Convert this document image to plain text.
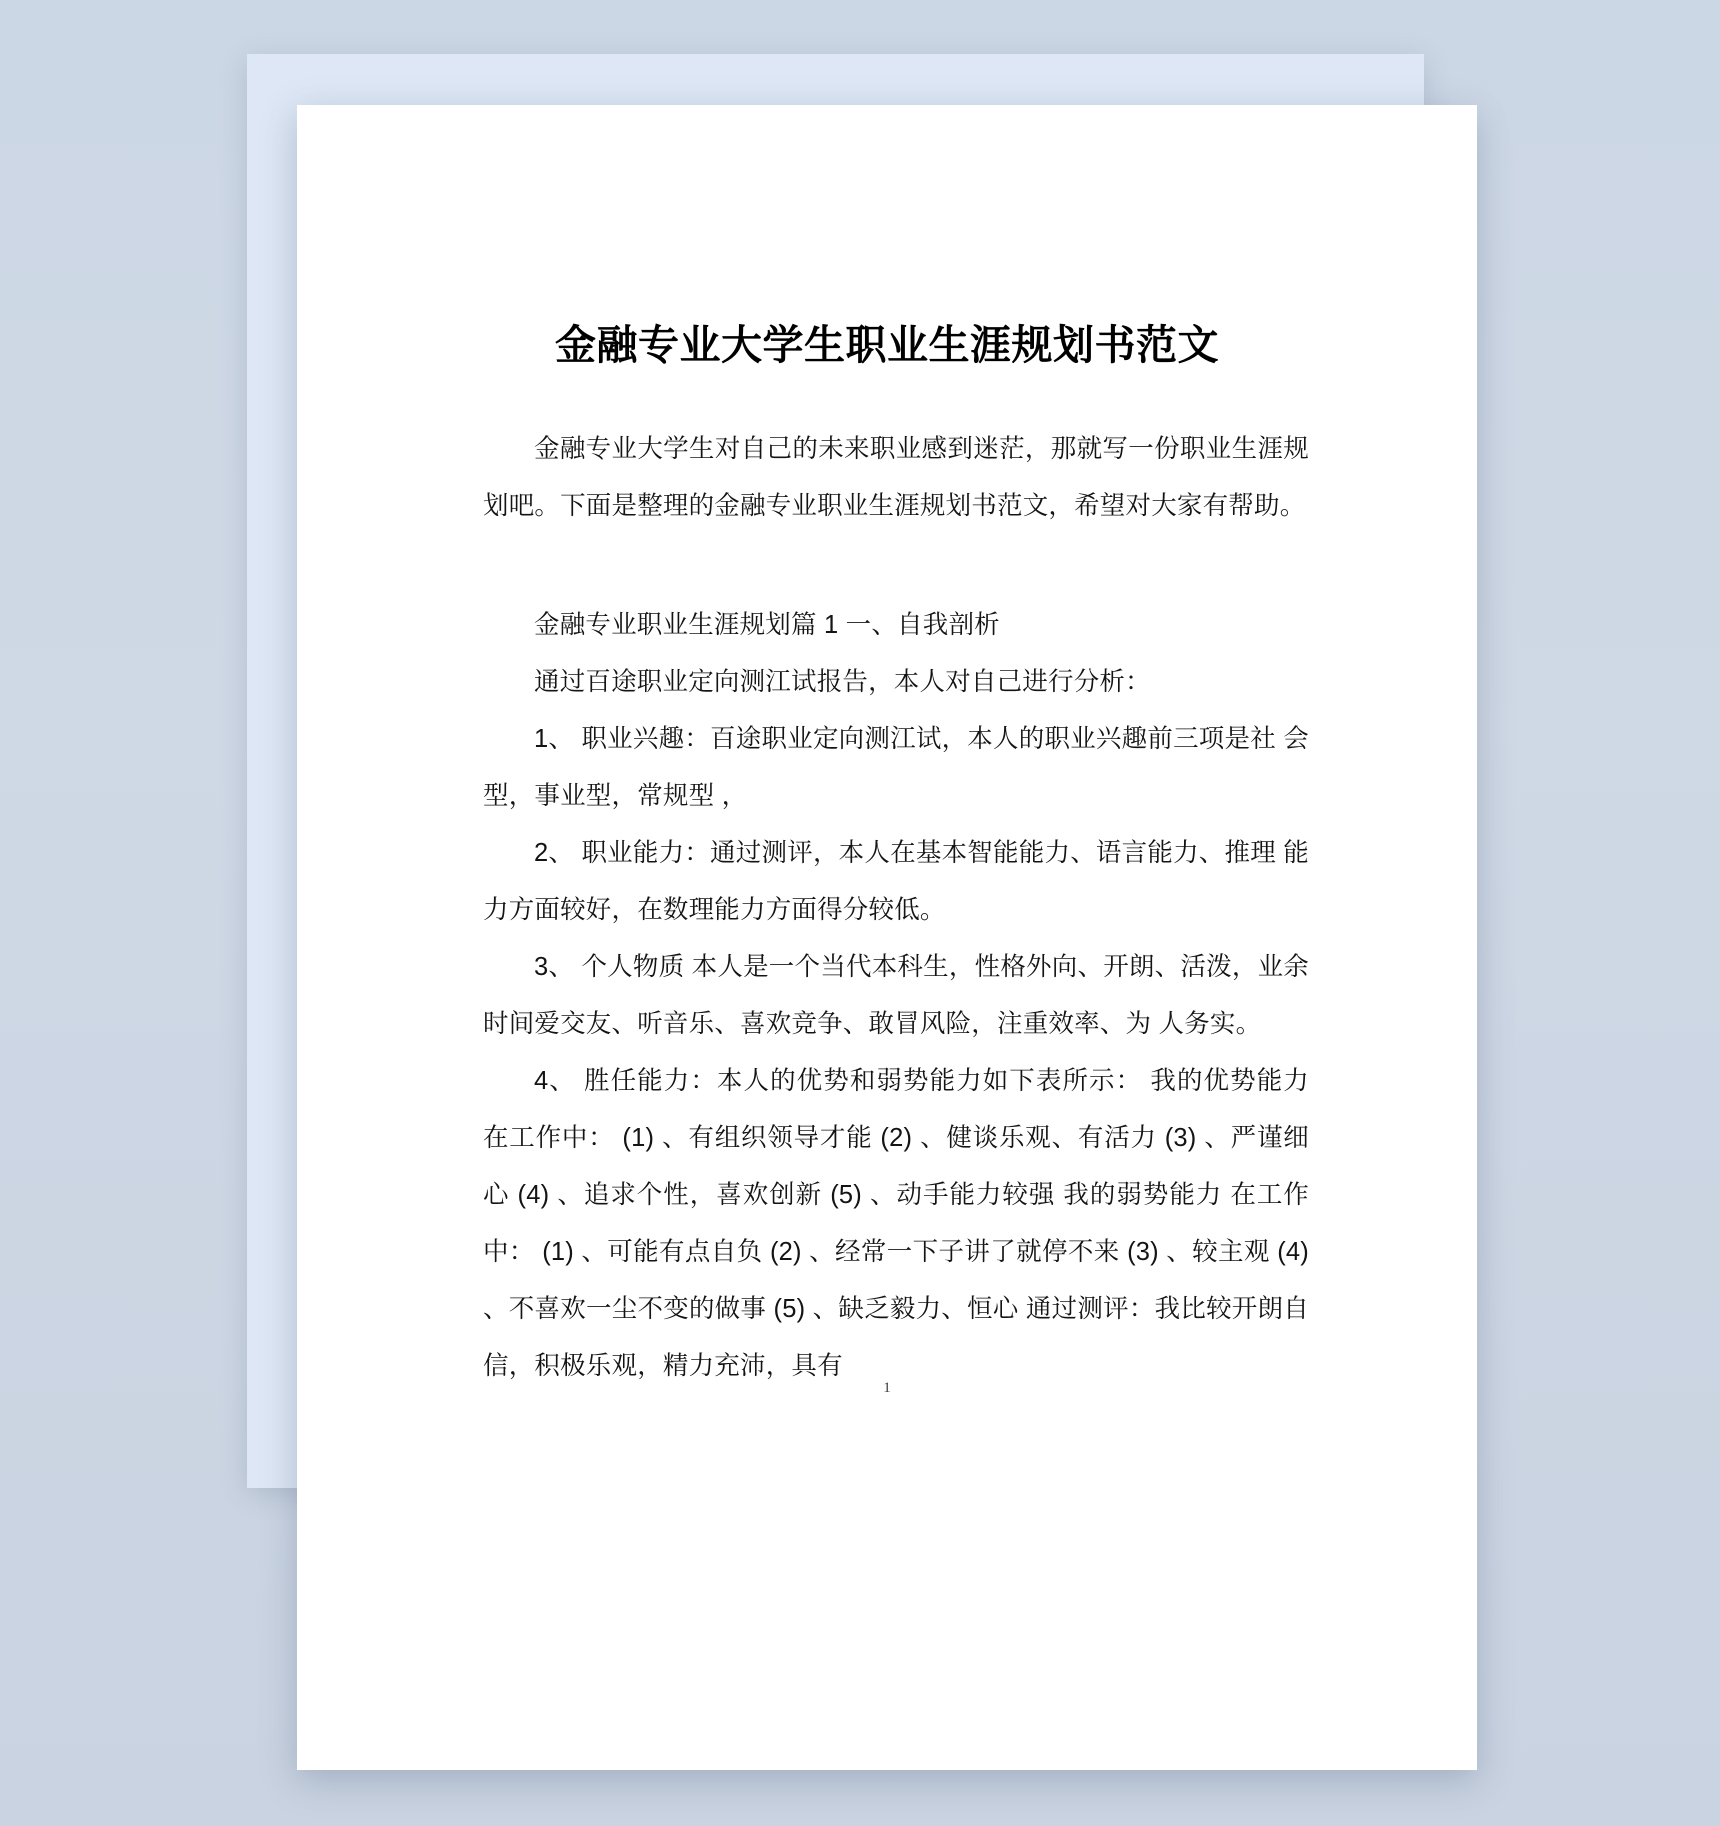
金融专业大学生职业生涯规划书范文

金融专业大学生对自己的未来职业感到迷茫，那就写一份职业生涯规划吧。下面是整理的金融专业职业生涯规划书范文，希望对大家有帮助。

金融专业职业生涯规划篇 1 一、自我剖析

通过百途职业定向测江试报告，本人对自己进行分析：

1、 职业兴趣：百途职业定向测江试，本人的职业兴趣前三项是社 会型，事业型，常规型 ，

2、 职业能力：通过测评，本人在基本智能能力、语言能力、推理 能力方面较好，在数理能力方面得分较低。

3、 个人物质 本人是一个当代本科生，性格外向、开朗、活泼，业余时间爱交友、听音乐、喜欢竞争、敢冒风险，注重效率、为 人务实。

4、 胜任能力：本人的优势和弱势能力如下表所示： 我的优势能力 在工作中： (1) 、有组织领导才能 (2) 、健谈乐观、有活力 (3) 、严谨细心 (4) 、追求个性，喜欢创新 (5) 、动手能力较强 我的弱势能力 在工作中： (1) 、可能有点自负 (2) 、经常一下子讲了就停不来 (3) 、较主观 (4) 、不喜欢一尘不变的做事 (5) 、缺乏毅力、恒心 通过测评：我比较开朗自信，积极乐观，精力充沛，具有

1
